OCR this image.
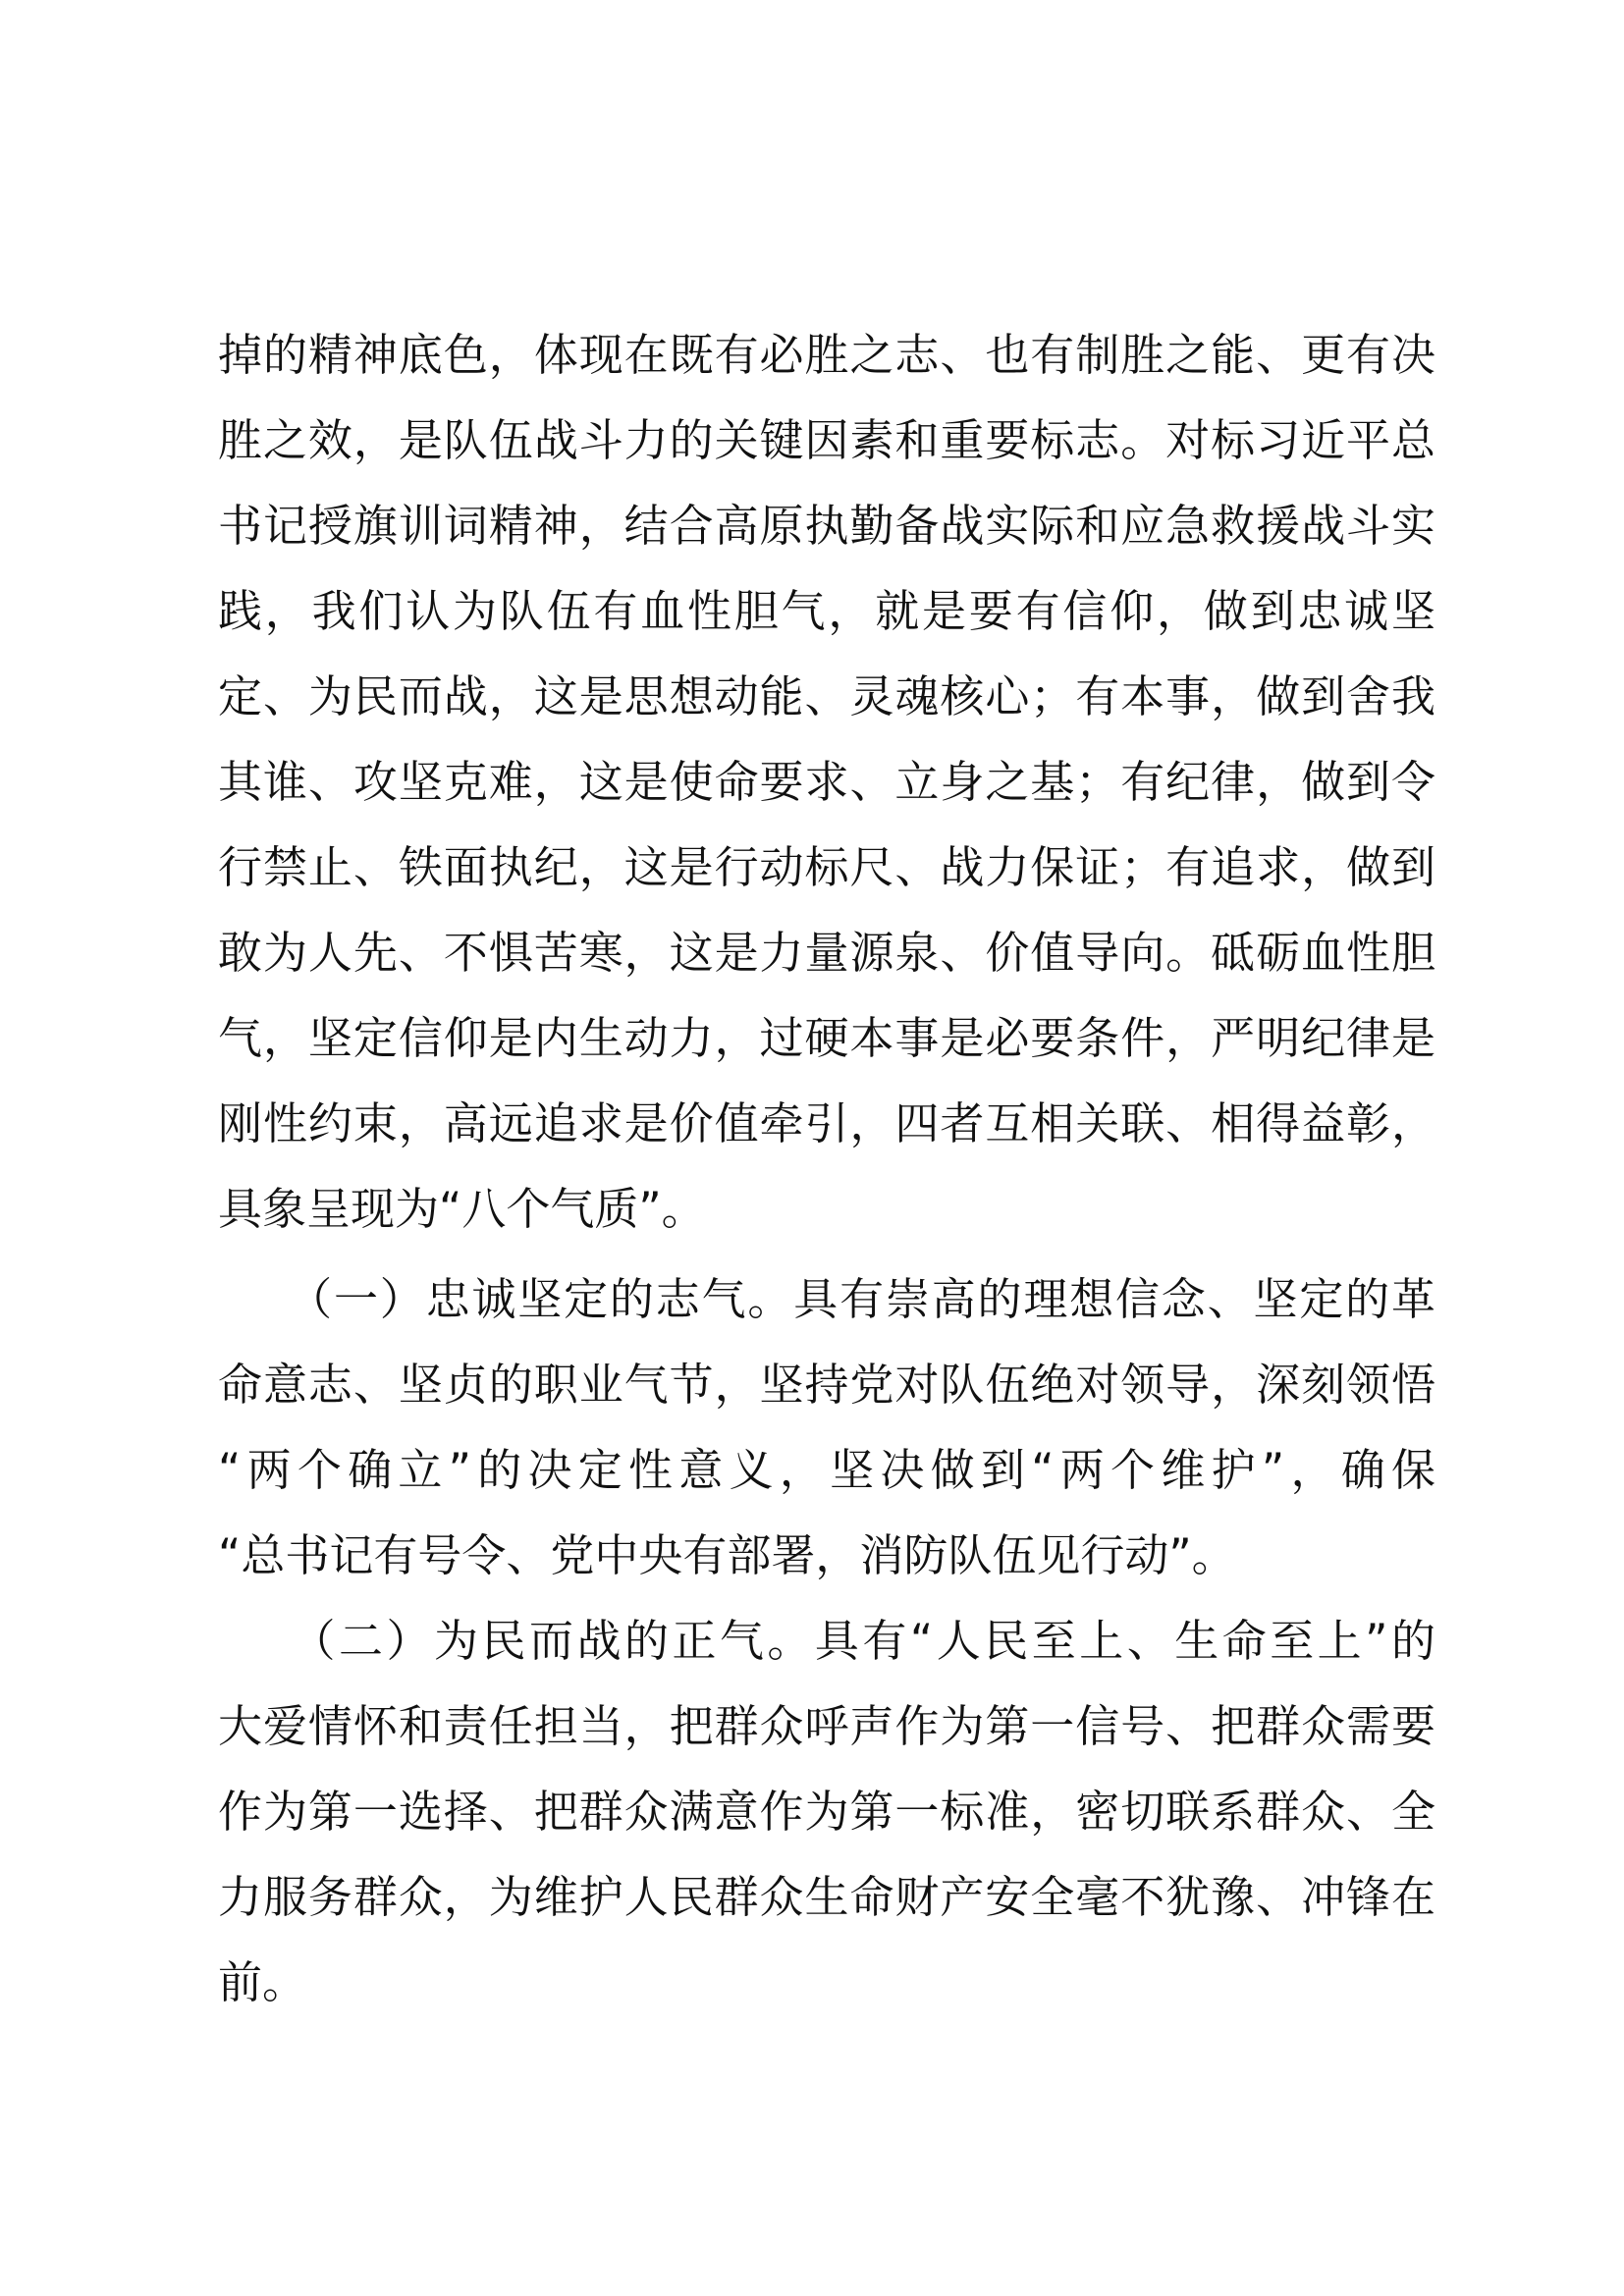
掉的精神底色，体现在既有必胜之志、也有制胜之能、更有决
胜之效，是队伍战斗力的关键因素和重要标志。对标习近平总
书记授旗训词精神，结合高原执勤备战实际和应急救援战斗实
践，我们认为队伍有血性胆气，就是要有信仰，做到忠诚坚
定、为民而战，这是思想动能、灵魂核心；有本事，做到舍我
其谁、攻坚克难，这是使命要求、立身之基；有纪律，做到令
行禁止、铁面执纪，这是行动标尺、战力保证；有追求，做到
敢为人先、不惧苦寒，这是力量源泉、价值导向。砥砺血性胆
气，坚定信仰是内生动力，过硬本事是必要条件，严明纪律是
刚性约束，高远追求是价值牵引，四者互相关联、相得益彰，
具象呈现为“八个气质”。
　　（一）忠诚坚定的志气。具有崇高的理想信念、坚定的革
命意志、坚贞的职业气节，坚持党对队伍绝对领导，深刻领悟
“两个确立”的决定性意义，坚决做到“两个维护”，确保
“总书记有号令、党中央有部署，消防队伍见行动”。
　　（二）为民而战的正气。具有“人民至上、生命至上”的
大爱情怀和责任担当，把群众呼声作为第一信号、把群众需要
作为第一选择、把群众满意作为第一标准，密切联系群众、全
力服务群众，为维护人民群众生命财产安全毫不犹豫、冲锋在
前。
